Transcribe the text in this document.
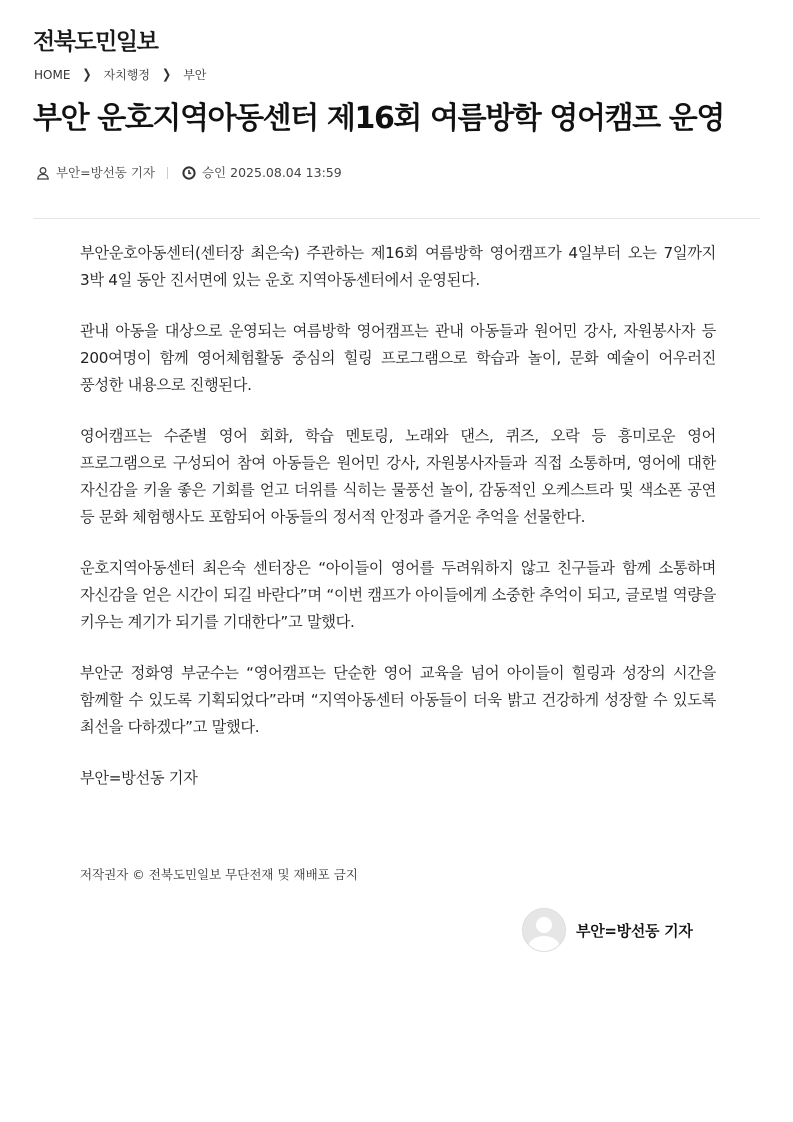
전북도민일보
HOME ❯ 자치행정 ❯ 부안
부안 운호지역아동센터 제16회 여름방학 영어캠프 운영
부안=방선동 기자	승인 2025.08.04 13:59

부안운호아동센터(센터장 최은숙) 주관하는 제16회 여름방학 영어캠프가 4일부터 오는 7일까지 3박 4일 동안 진서면에 있는 운호 지역아동센터에서 운영된다.

관내 아동을 대상으로 운영되는 여름방학 영어캠프는 관내 아동들과 원어민 강사, 자원봉사자 등 200여명이 함께 영어체험활동 중심의 힐링 프로그램으로 학습과 놀이, 문화 예술이 어우러진 풍성한 내용으로 진행된다.

영어캠프는 수준별 영어 회화, 학습 멘토링, 노래와 댄스, 퀴즈, 오락 등 흥미로운 영어 프로그램으로 구성되어 참여 아동들은 원어민 강사, 자원봉사자들과 직접 소통하며, 영어에 대한 자신감을 키울 좋은 기회를 얻고 더위를 식히는 물풍선 놀이, 감동적인 오케스트라 및 색소폰 공연 등 문화 체험행사도 포함되어 아동들의 정서적 안정과 즐거운 추억을 선물한다.

운호지역아동센터 최은숙 센터장은 “아이들이 영어를 두려워하지 않고 친구들과 함께 소통하며 자신감을 얻은 시간이 되길 바란다”며 “이번 캠프가 아이들에게 소중한 추억이 되고, 글로벌 역량을 키우는 계기가 되기를 기대한다”고 말했다.

부안군 정화영 부군수는 “영어캠프는 단순한 영어 교육을 넘어 아이들이 힐링과 성장의 시간을 함께할 수 있도록 기획되었다”라며 “지역아동센터 아동들이 더욱 밝고 건강하게 성장할 수 있도록 최선을 다하겠다”고 말했다.

부안=방선동 기자

저작권자 © 전북도민일보 무단전재 및 재배포 금지
부안=방선동 기자
